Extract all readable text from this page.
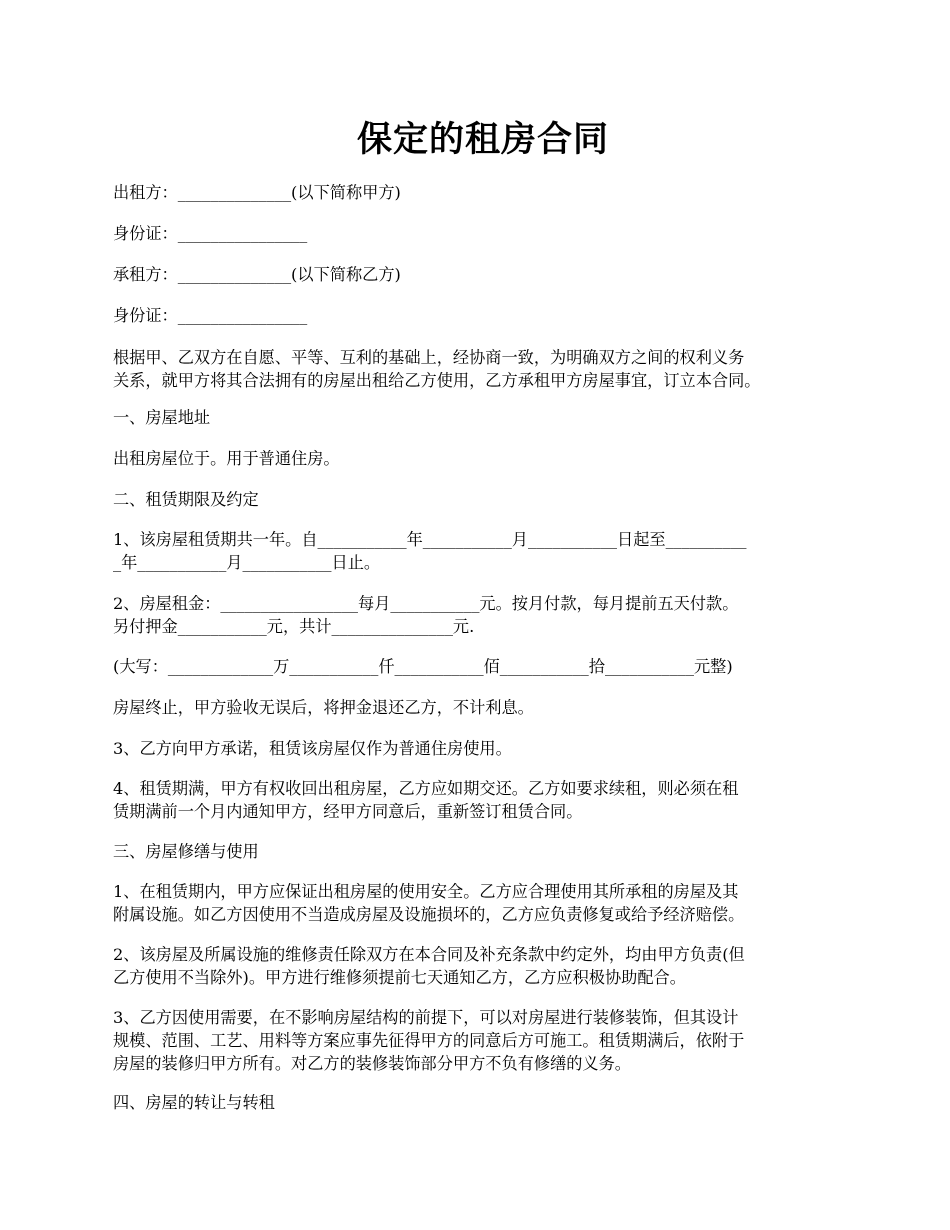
保定的租房合同
出租方：______________(以下简称甲方)
身份证：________________
承租方：______________(以下简称乙方)
身份证：________________
根据甲、乙双方在自愿、平等、互利的基础上，经协商一致，为明确双方之间的权利义务
关系，就甲方将其合法拥有的房屋出租给乙方使用，乙方承租甲方房屋事宜，订立本合同。
一、房屋地址
出租房屋位于。用于普通住房。
二、租赁期限及约定
1、该房屋租赁期共一年。自___________年___________月___________日起至__________
_年___________月___________日止。
2、房屋租金：_________________每月___________元。按月付款，每月提前五天付款。
另付押金___________元，共计_______________元.
(大写：_____________万___________仟___________佰___________拾___________元整)
房屋终止，甲方验收无误后，将押金退还乙方，不计利息。
3、乙方向甲方承诺，租赁该房屋仅作为普通住房使用。
4、租赁期满，甲方有权收回出租房屋，乙方应如期交还。乙方如要求续租，则必须在租
赁期满前一个月内通知甲方，经甲方同意后，重新签订租赁合同。
三、房屋修缮与使用
1、在租赁期内，甲方应保证出租房屋的使用安全。乙方应合理使用其所承租的房屋及其
附属设施。如乙方因使用不当造成房屋及设施损坏的，乙方应负责修复或给予经济赔偿。
2、该房屋及所属设施的维修责任除双方在本合同及补充条款中约定外，均由甲方负责(但
乙方使用不当除外)。甲方进行维修须提前七天通知乙方，乙方应积极协助配合。
3、乙方因使用需要，在不影响房屋结构的前提下，可以对房屋进行装修装饰，但其设计
规模、范围、工艺、用料等方案应事先征得甲方的同意后方可施工。租赁期满后，依附于
房屋的装修归甲方所有。对乙方的装修装饰部分甲方不负有修缮的义务。
四、房屋的转让与转租
